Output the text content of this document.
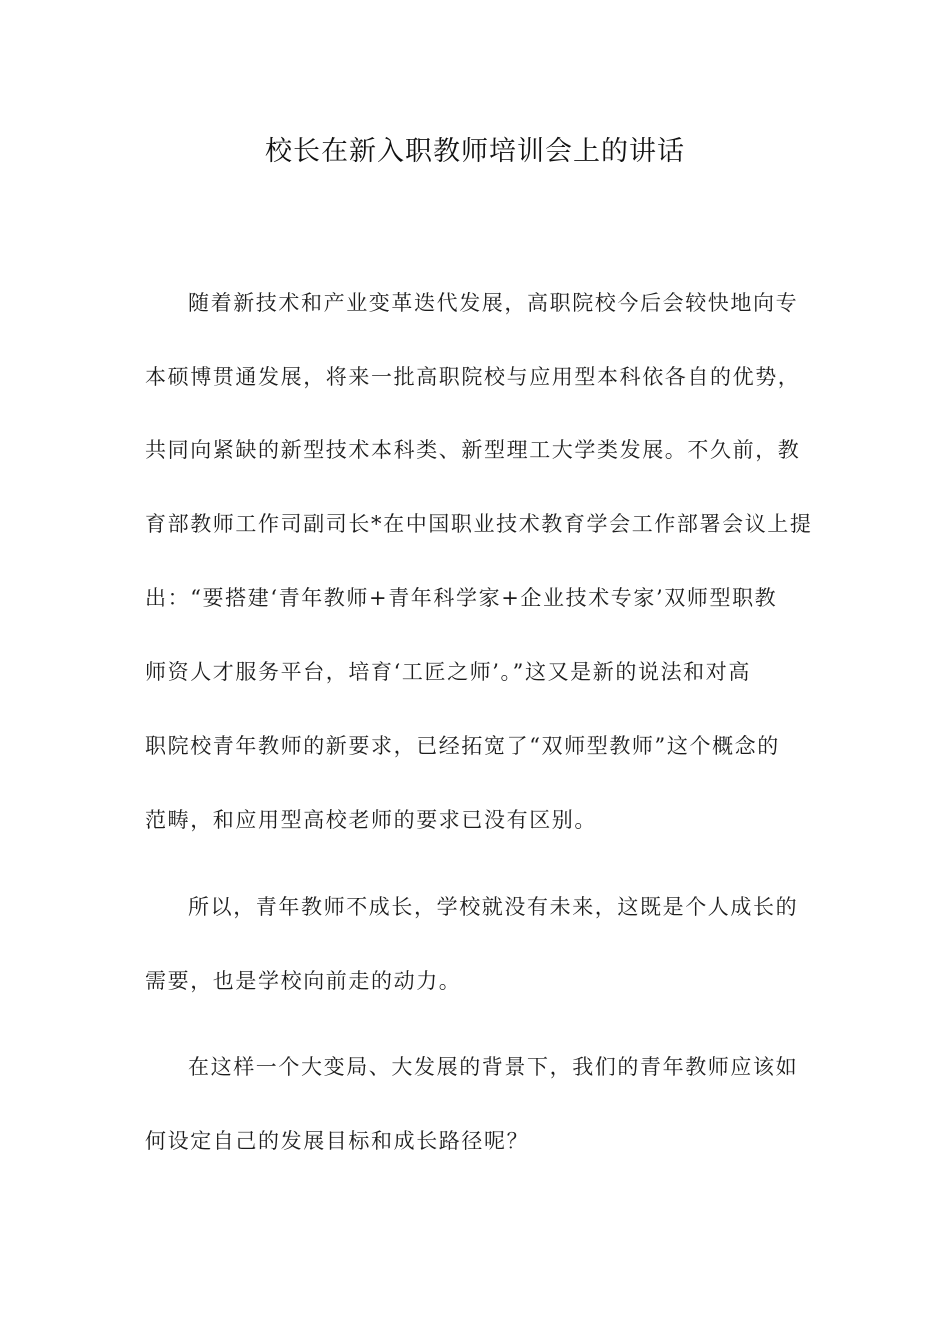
校长在新入职教师培训会上的讲话
随着新技术和产业变革迭代发展，高职院校今后会较快地向专
本硕博贯通发展，将来一批高职院校与应用型本科依各自的优势，
共同向紧缺的新型技术本科类、新型理工大学类发展。不久前，教
育部教师工作司副司长*在中国职业技术教育学会工作部署会议上提
出：“要搭建‘青年教师+青年科学家+企业技术专家’双师型职教
师资人才服务平台，培育‘工匠之师’。”这又是新的说法和对高
职院校青年教师的新要求，已经拓宽了“双师型教师”这个概念的
范畴，和应用型高校老师的要求已没有区别。
所以，青年教师不成长，学校就没有未来，这既是个人成长的
需要，也是学校向前走的动力。
在这样一个大变局、大发展的背景下，我们的青年教师应该如
何设定自己的发展目标和成长路径呢？
